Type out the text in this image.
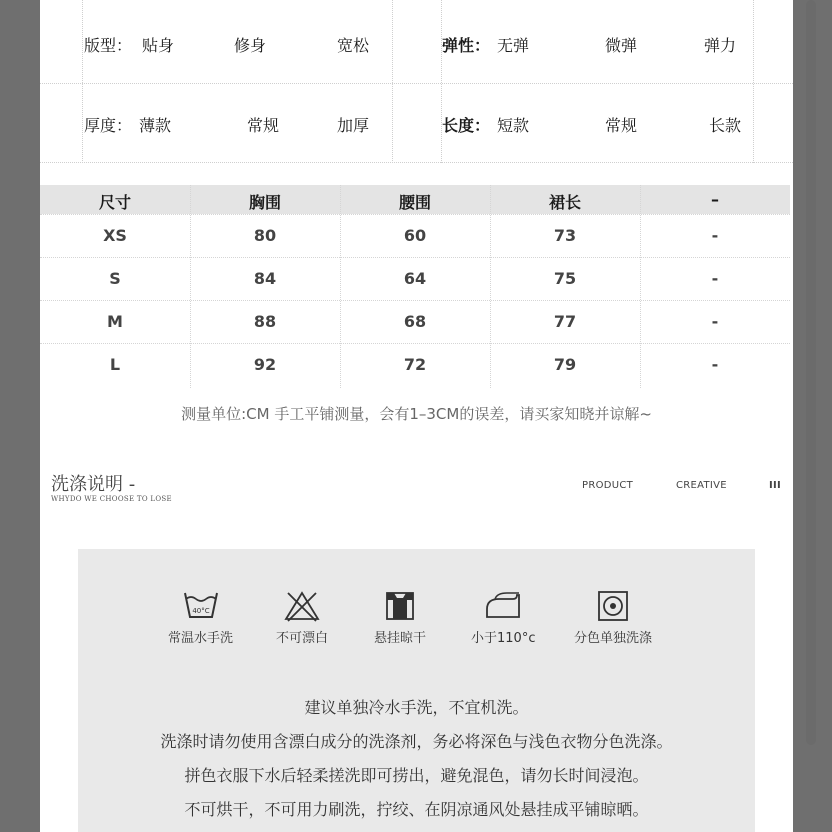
版型： 贴身	修身	宽松	弹性： 无弹	微弹	弹力
厚度： 薄款	常规	加厚	长度： 短款	常规	长款
尺寸	胸围	腰围	裙长	–
XS	80	60	73	-
S	84	64	75	-
M	88	68	77	-
L	92	72	79	-
测量单位:CM 手工平铺测量，会有1–3CM的误差，请买家知晓并谅解~
洗涤说明 -
WHYDO WE CHOOSE TO LOSE
PRODUCT	CREATIVE	III
40°C
常温水手洗	不可漂白	悬挂晾干	小于110°c	分色单独洗涤
建议单独冷水手洗，不宜机洗。
洗涤时请勿使用含漂白成分的洗涤剂，务必将深色与浅色衣物分色洗涤。
拼色衣服下水后轻柔搓洗即可捞出，避免混色，请勿长时间浸泡。
不可烘干，不可用力刷洗，拧绞、在阴凉通风处悬挂成平铺晾晒。
